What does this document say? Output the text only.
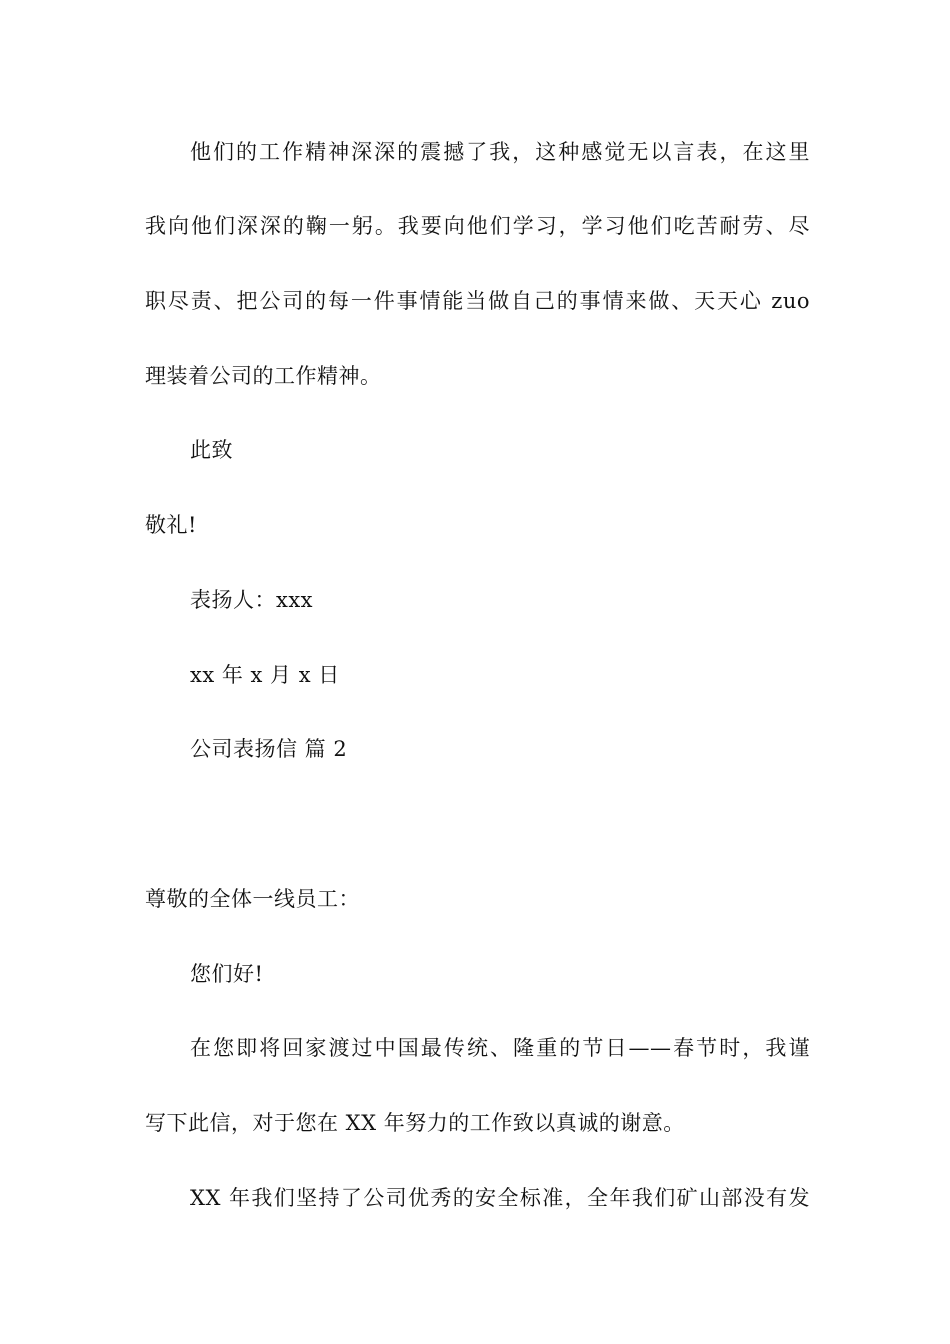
他们的工作精神深深的震撼了我，这种感觉无以言表，在这里
我向他们深深的鞠一躬。我要向他们学习，学习他们吃苦耐劳、尽
职尽责、把公司的每一件事情能当做自己的事情来做、天天心 zuo
理装着公司的工作精神。
此致
敬礼!
表扬人：xxx
xx 年 x 月 x 日
公司表扬信 篇 2
尊敬的全体一线员工：
您们好!
在您即将回家渡过中国最传统、隆重的节日——春节时，我谨
写下此信，对于您在 XX 年努力的工作致以真诚的谢意。
XX 年我们坚持了公司优秀的安全标准，全年我们矿山部没有发
